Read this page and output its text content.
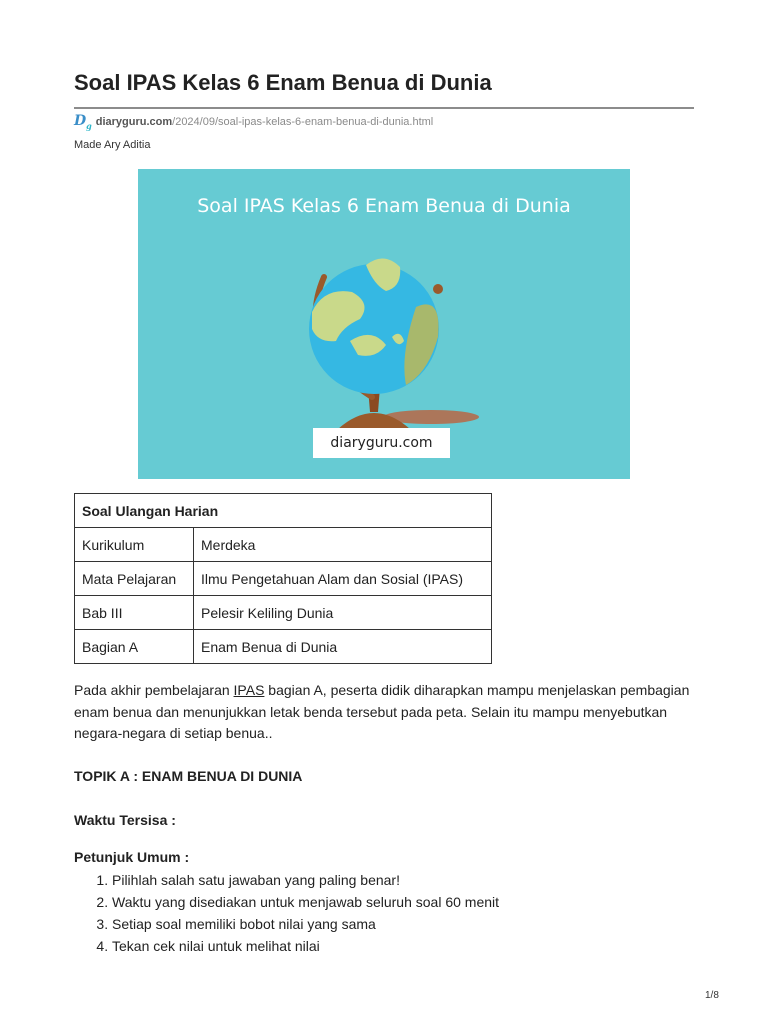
Soal IPAS Kelas 6 Enam Benua di Dunia
$D_g$ diaryguru.com /2024/09/soal-ipas-kelas-6-enam-benua-di-dunia.html
Made Ary Aditia
Soal IPAS Kelas 6 Enam Benua di Dunia
diaryguru.com
Soal Ulangan Harian	
Kurikulum	Merdeka
Mata Pelajaran	Ilmu Pengetahuan Alam dan Sosial (IPAS)
Bab III	Pelesir Keliling Dunia
Bagian A	Enam Benua di Dunia

Pada akhir pembelajaran IPAS bagian A, peserta didik diharapkan mampu menjelaskan pembagian enam benua dan menunjukkan letak benda tersebut pada peta. Selain itu mampu menyebutkan negara-negara di setiap benua..

TOPIK A : ENAM BENUA DI DUNIA

Waktu Tersisa :

Petunjuk Umum :

1. Pilihlah salah satu jawaban yang paling benar!
2. Waktu yang disediakan untuk menjawab seluruh soal 60 menit
3. Setiap soal memiliki bobot nilai yang sama
4. Tekan cek nilai untuk melihat nilai
1/8
